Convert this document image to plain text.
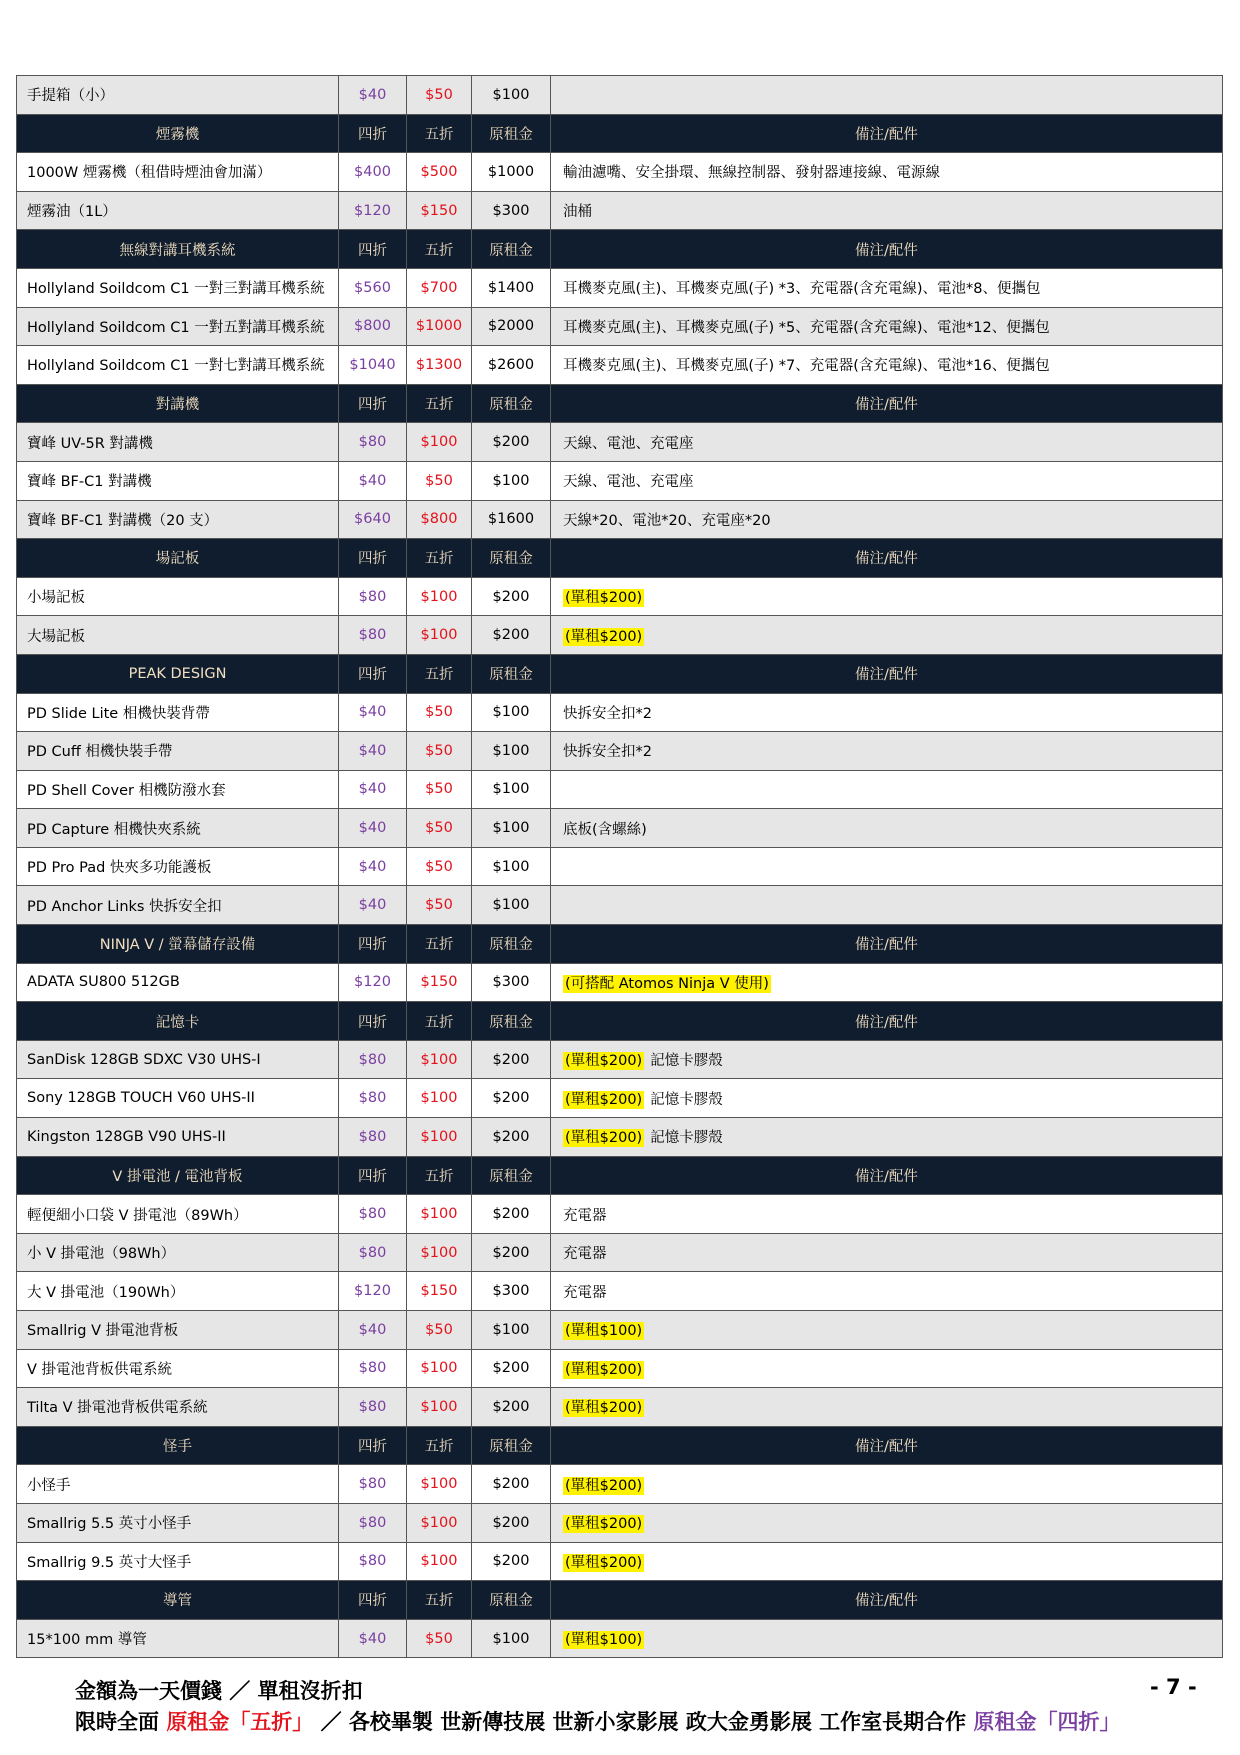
手提箱（小）	$40	$50	$100	
煙霧機	四折	五折	原租金	備注/配件
1000W 煙霧機（租借時煙油會加滿）	$400	$500	$1000	輸油濾嘴、安全掛環、無線控制器、發射器連接線、電源線
煙霧油（1L）	$120	$150	$300	油桶
無線對講耳機系統	四折	五折	原租金	備注/配件
Hollyland Soildcom C1 一對三對講耳機系統	$560	$700	$1400	耳機麥克風(主)、耳機麥克風(子) *3、充電器(含充電線)、電池*8、便攜包
Hollyland Soildcom C1 一對五對講耳機系統	$800	$1000	$2000	耳機麥克風(主)、耳機麥克風(子) *5、充電器(含充電線)、電池*12、便攜包
Hollyland Soildcom C1 一對七對講耳機系統	$1040	$1300	$2600	耳機麥克風(主)、耳機麥克風(子) *7、充電器(含充電線)、電池*16、便攜包
對講機	四折	五折	原租金	備注/配件
寶峰 UV-5R 對講機	$80	$100	$200	天線、電池、充電座
寶峰 BF-C1 對講機	$40	$50	$100	天線、電池、充電座
寶峰 BF-C1 對講機（20 支）	$640	$800	$1600	天線*20、電池*20、充電座*20
場記板	四折	五折	原租金	備注/配件
小場記板	$80	$100	$200	(單租$200)
大場記板	$80	$100	$200	(單租$200)
PEAK DESIGN	四折	五折	原租金	備注/配件
PD Slide Lite 相機快裝背帶	$40	$50	$100	快拆安全扣*2
PD Cuff 相機快裝手帶	$40	$50	$100	快拆安全扣*2
PD Shell Cover 相機防潑水套	$40	$50	$100	
PD Capture 相機快夾系統	$40	$50	$100	底板(含螺絲)
PD Pro Pad 快夾多功能護板	$40	$50	$100	
PD Anchor Links 快拆安全扣	$40	$50	$100	
NINJA V / 螢幕儲存設備	四折	五折	原租金	備注/配件
ADATA SU800 512GB	$120	$150	$300	(可搭配 Atomos Ninja V 使用)
記憶卡	四折	五折	原租金	備注/配件
SanDisk 128GB SDXC V30 UHS-I	$80	$100	$200	(單租$200) 記憶卡膠殼
Sony 128GB TOUCH V60 UHS-II	$80	$100	$200	(單租$200) 記憶卡膠殼
Kingston 128GB V90 UHS-II	$80	$100	$200	(單租$200) 記憶卡膠殼
V 掛電池 / 電池背板	四折	五折	原租金	備注/配件
輕便細小口袋 V 掛電池（89Wh）	$80	$100	$200	充電器
小 V 掛電池（98Wh）	$80	$100	$200	充電器
大 V 掛電池（190Wh）	$120	$150	$300	充電器
Smallrig V 掛電池背板	$40	$50	$100	(單租$100)
V 掛電池背板供電系統	$80	$100	$200	(單租$200)
Tilta V 掛電池背板供電系統	$80	$100	$200	(單租$200)
怪手	四折	五折	原租金	備注/配件
小怪手	$80	$100	$200	(單租$200)
Smallrig 5.5 英寸小怪手	$80	$100	$200	(單租$200)
Smallrig 9.5 英寸大怪手	$80	$100	$200	(單租$200)
導管	四折	五折	原租金	備注/配件
15*100 mm 導管	$40	$50	$100	(單租$100)
金額為一天價錢 ／ 單租沒折扣
限時全面 原租金「五折」 ／ 各校畢製 世新傳技展 世新小家影展 政大金勇影展 工作室長期合作 原租金「四折」
- 7 -
